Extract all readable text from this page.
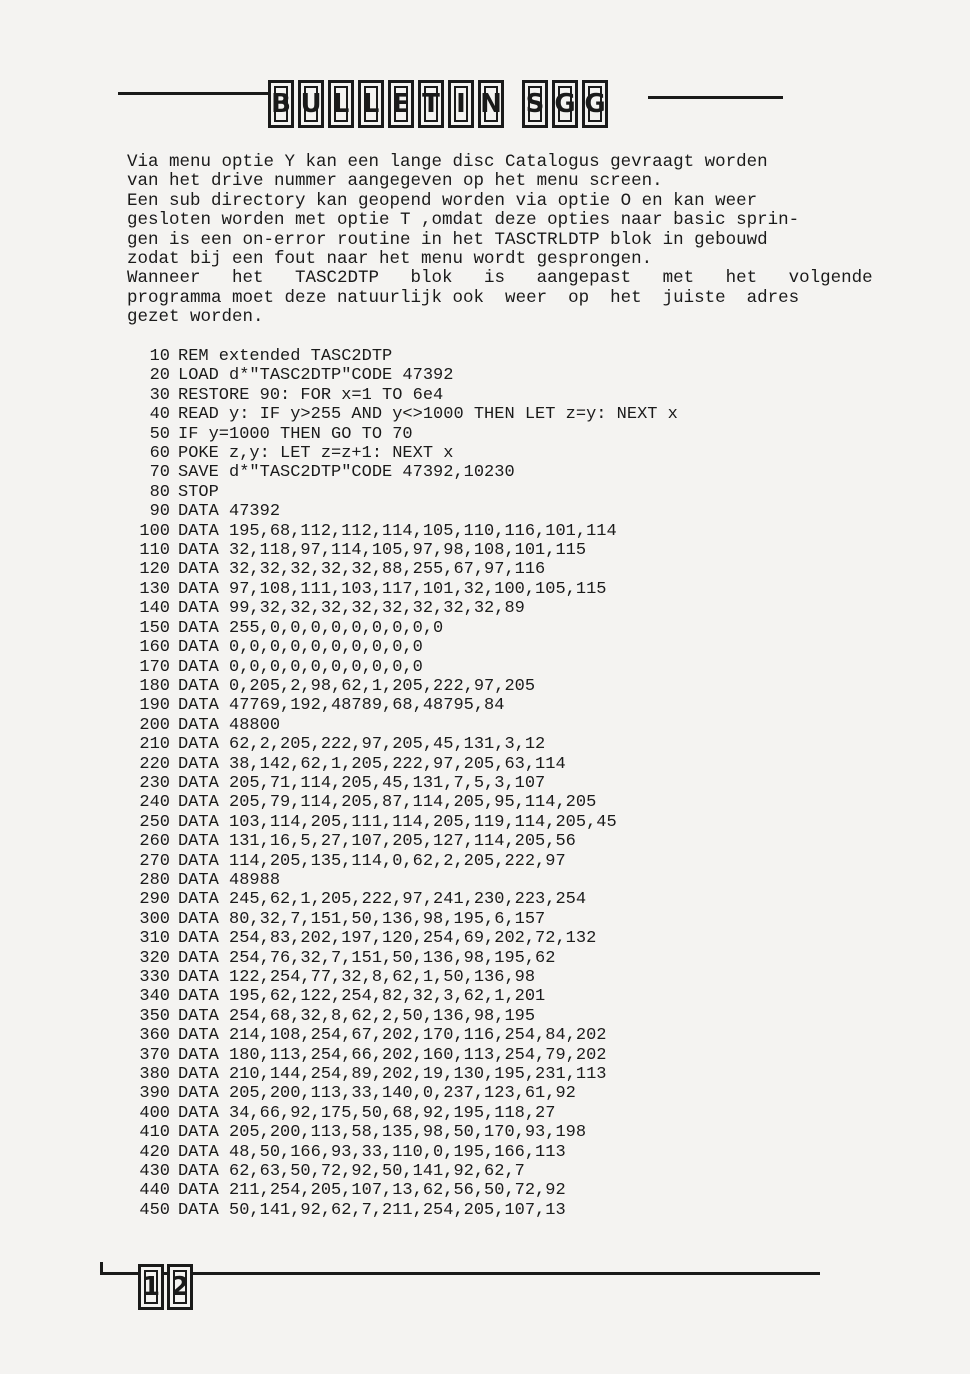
B U L L E T I N S G G
Via menu optie Y kan een lange disc Catalogus gevraagt worden
van het drive nummer aangegeven op het menu screen.
Een sub directory kan geopend worden via optie O en kan weer
gesloten worden met optie T ,omdat deze opties naar basic sprin-
gen is een on-error routine in het TASCTRLDTP blok in gebouwd
zodat bij een fout naar het menu wordt gesprongen.
Wanneer   het   TASC2DTP   blok   is   aangepast   met   het   volgende
programma moet deze natuurlijk ook  weer  op  het  juiste  adres
gezet worden.
10 REM extended TASC2DTP
20 LOAD d*"TASC2DTP"CODE 47392
30 RESTORE 90: FOR x=1 TO 6e4
40 READ y: IF y>255 AND y<>1000 THEN LET z=y: NEXT x
50 IF y=1000 THEN GO TO 70
60 POKE z,y: LET z=z+1: NEXT x
70 SAVE d*"TASC2DTP"CODE 47392,10230
80 STOP
90 DATA 47392
100 DATA 195,68,112,112,114,105,110,116,101,114
110 DATA 32,118,97,114,105,97,98,108,101,115
120 DATA 32,32,32,32,32,88,255,67,97,116
130 DATA 97,108,111,103,117,101,32,100,105,115
140 DATA 99,32,32,32,32,32,32,32,32,89
150 DATA 255,0,0,0,0,0,0,0,0,0
160 DATA 0,0,0,0,0,0,0,0,0,0
170 DATA 0,0,0,0,0,0,0,0,0,0
180 DATA 0,205,2,98,62,1,205,222,97,205
190 DATA 47769,192,48789,68,48795,84
200 DATA 48800
210 DATA 62,2,205,222,97,205,45,131,3,12
220 DATA 38,142,62,1,205,222,97,205,63,114
230 DATA 205,71,114,205,45,131,7,5,3,107
240 DATA 205,79,114,205,87,114,205,95,114,205
250 DATA 103,114,205,111,114,205,119,114,205,45
260 DATA 131,16,5,27,107,205,127,114,205,56
270 DATA 114,205,135,114,0,62,2,205,222,97
280 DATA 48988
290 DATA 245,62,1,205,222,97,241,230,223,254
300 DATA 80,32,7,151,50,136,98,195,6,157
310 DATA 254,83,202,197,120,254,69,202,72,132
320 DATA 254,76,32,7,151,50,136,98,195,62
330 DATA 122,254,77,32,8,62,1,50,136,98
340 DATA 195,62,122,254,82,32,3,62,1,201
350 DATA 254,68,32,8,62,2,50,136,98,195
360 DATA 214,108,254,67,202,170,116,254,84,202
370 DATA 180,113,254,66,202,160,113,254,79,202
380 DATA 210,144,254,89,202,19,130,195,231,113
390 DATA 205,200,113,33,140,0,237,123,61,92
400 DATA 34,66,92,175,50,68,92,195,118,27
410 DATA 205,200,113,58,135,98,50,170,93,198
420 DATA 48,50,166,93,33,110,0,195,166,113
430 DATA 62,63,50,72,92,50,141,92,62,7
440 DATA 211,254,205,107,13,62,56,50,72,92
450 DATA 50,141,92,62,7,211,254,205,107,13
1 2
